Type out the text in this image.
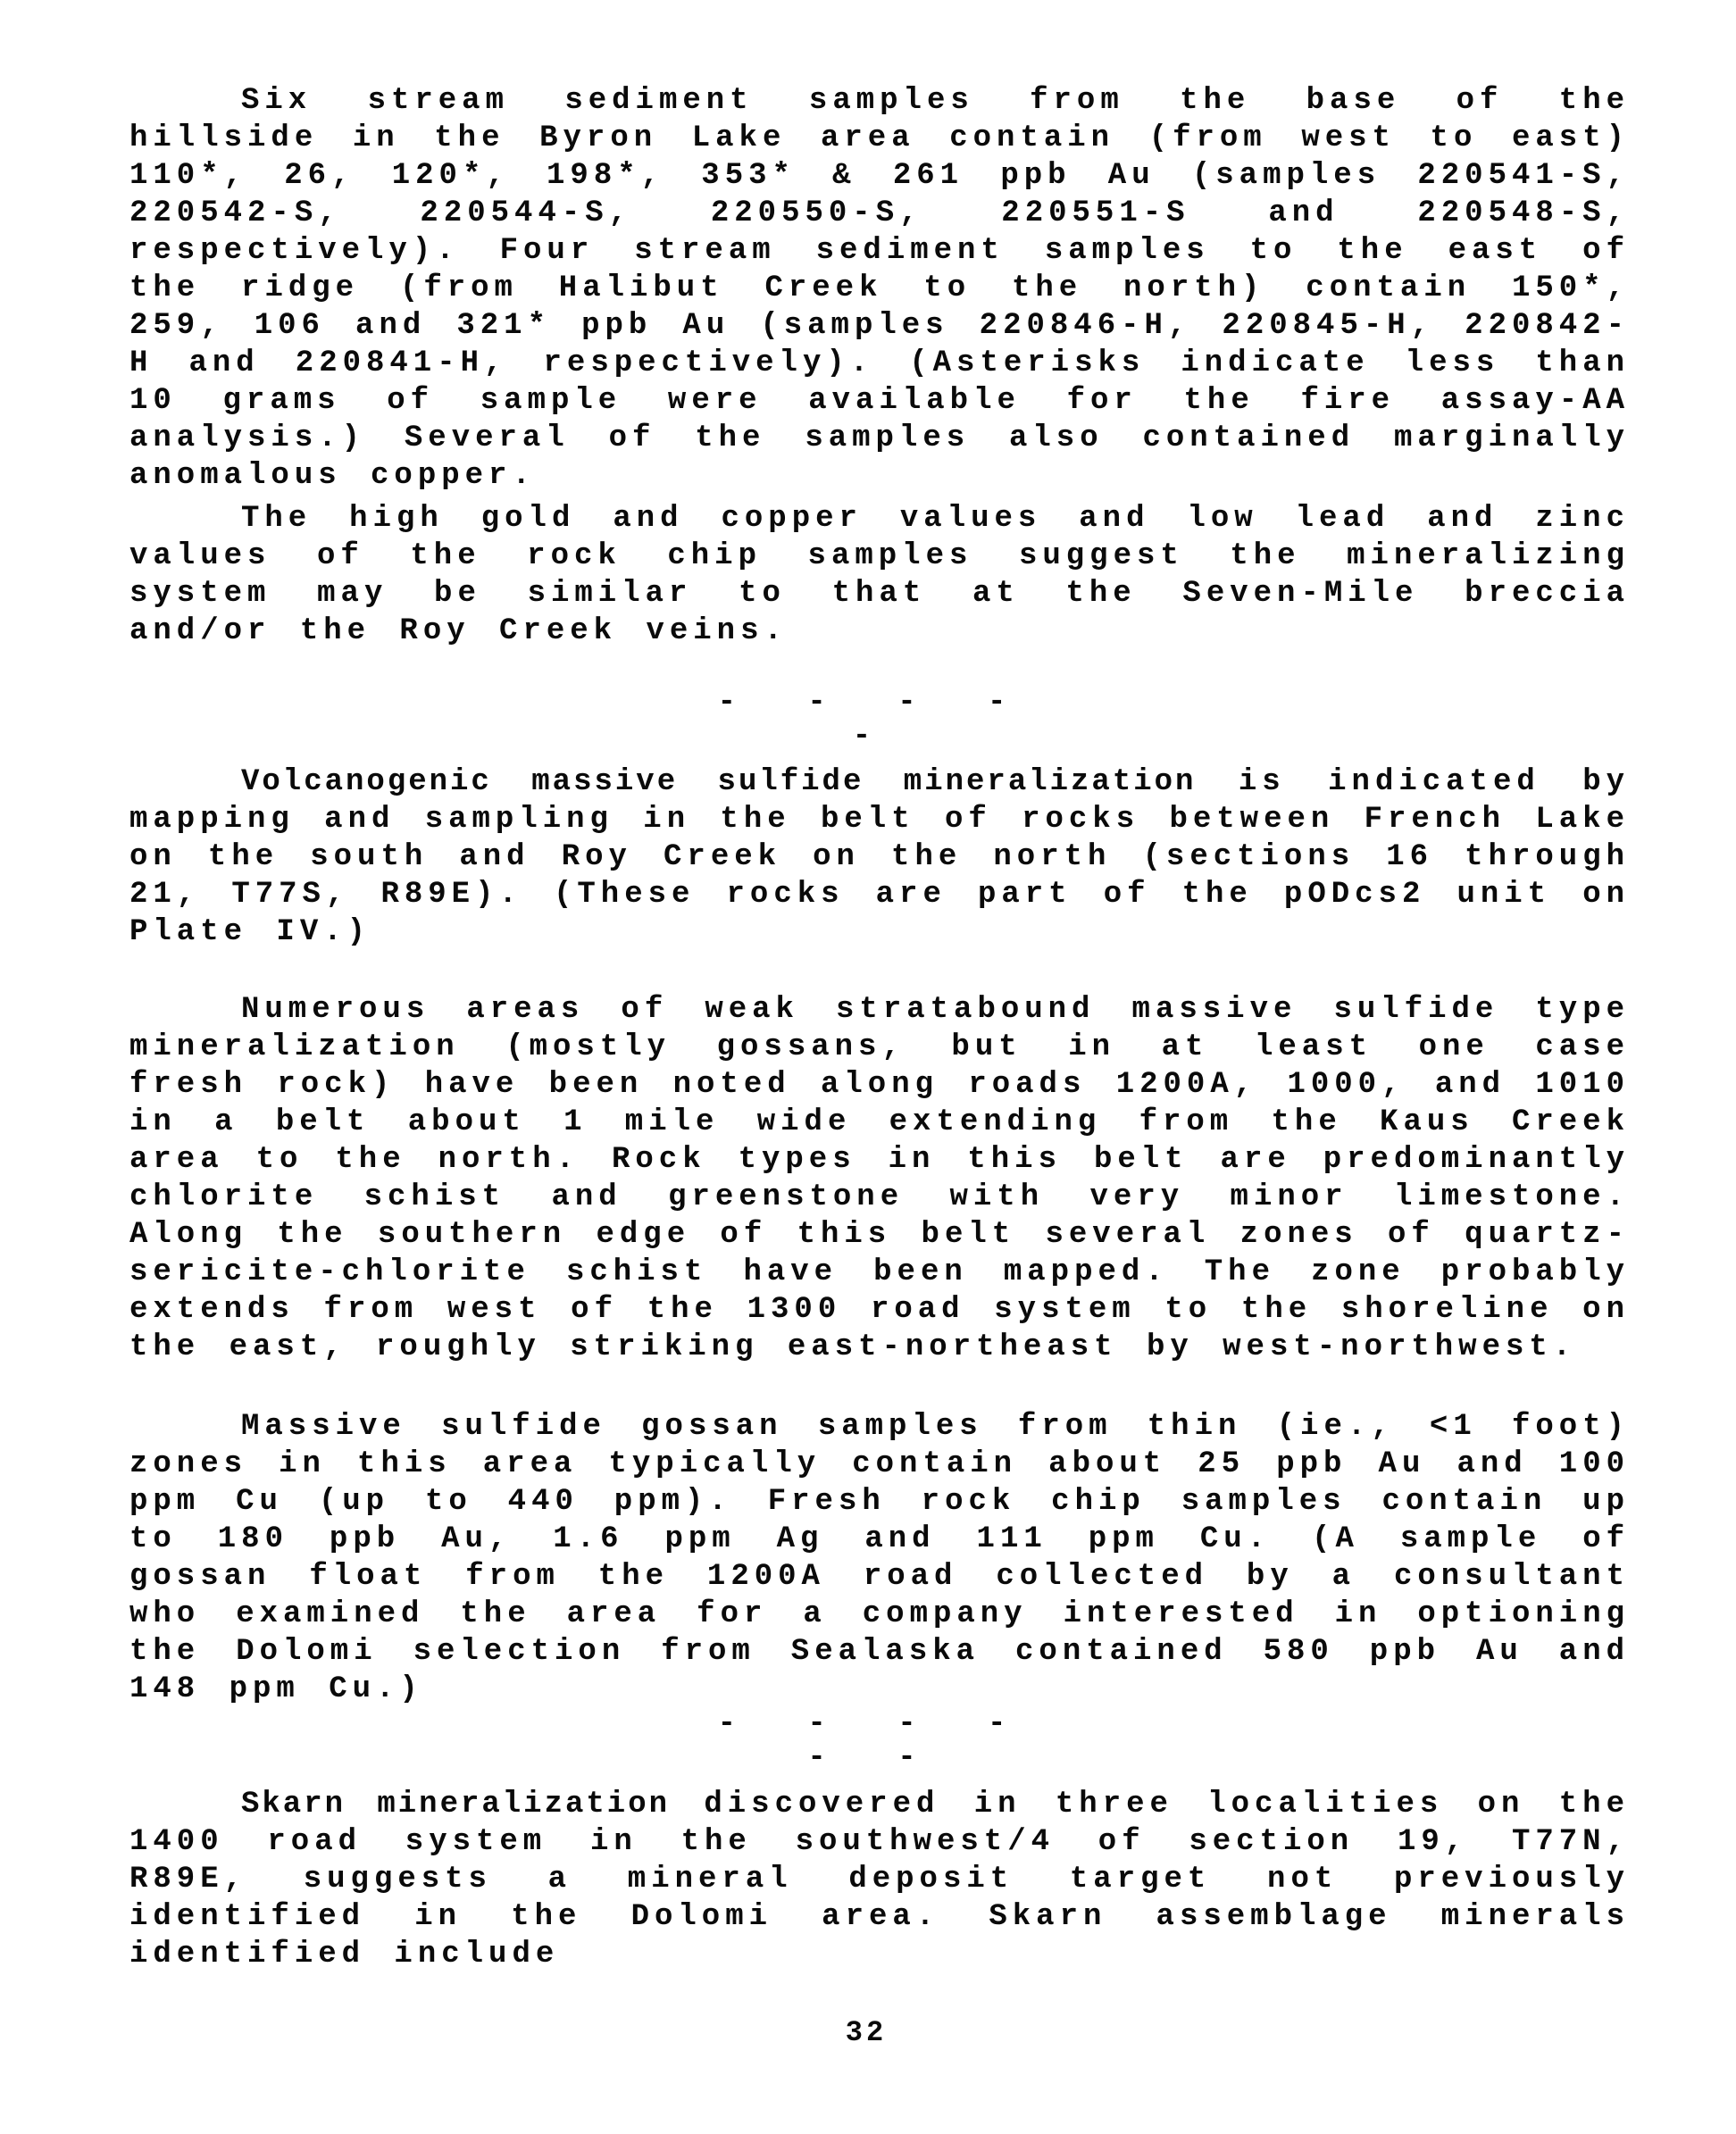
Six stream sediment samples from the base of the hillside in the Byron Lake area contain (from west to east) 110*, 26, 120*, 198*, 353* & 261 ppb Au (samples 220541-S, 220542-S, 220544-S, 220550-S, 220551-S and 220548-S, respectively). Four stream sediment samples to the east of the ridge (from Halibut Creek to the north) contain 150*, 259, 106 and 321* ppb Au (samples 220846-H, 220845-H, 220842-H and 220841-H, respectively). (Asterisks indicate less than 10 grams of sample were available for the fire assay-AA analysis.) Several of the samples also contained marginally anomalous copper.

The high gold and copper values and low lead and zinc values of the rock chip samples suggest the mineralizing system may be similar to that at the Seven-Mile breccia and/or the Roy Creek veins.

- - - - -

Volcanogenic massive sulfide mineralization is indicated by mapping and sampling in the belt of rocks between French Lake on the south and Roy Creek on the north (sections 16 through 21, T77S, R89E). (These rocks are part of the pODcs2 unit on Plate IV.)

Numerous areas of weak stratabound massive sulfide type mineralization (mostly gossans, but in at least one case fresh rock) have been noted along roads 1200A, 1000, and 1010 in a belt about 1 mile wide extending from the Kaus Creek area to the north. Rock types in this belt are predominantly chlorite schist and greenstone with very minor limestone. Along the southern edge of this belt several zones of quartz-sericite-chlorite schist have been mapped. The zone probably extends from west of the 1300 road system to the shoreline on the east, roughly striking east-northeast by west-northwest.

Massive sulfide gossan samples from thin (ie., <1 foot) zones in this area typically contain about 25 ppb Au and 100 ppm Cu (up to 440 ppm). Fresh rock chip samples contain up to 180 ppb Au, 1.6 ppm Ag and 111 ppm Cu. (A sample of gossan float from the 1200A road collected by a consultant who examined the area for a company interested in optioning the Dolomi selection from Sealaska contained 580 ppb Au and 148 ppm Cu.)

- - - - - -

Skarn mineralization discovered in three localities on the 1400 road system in the southwest/4 of section 19, T77N, R89E, suggests a mineral deposit target not previously identified in the Dolomi area. Skarn assemblage minerals identified include

32
